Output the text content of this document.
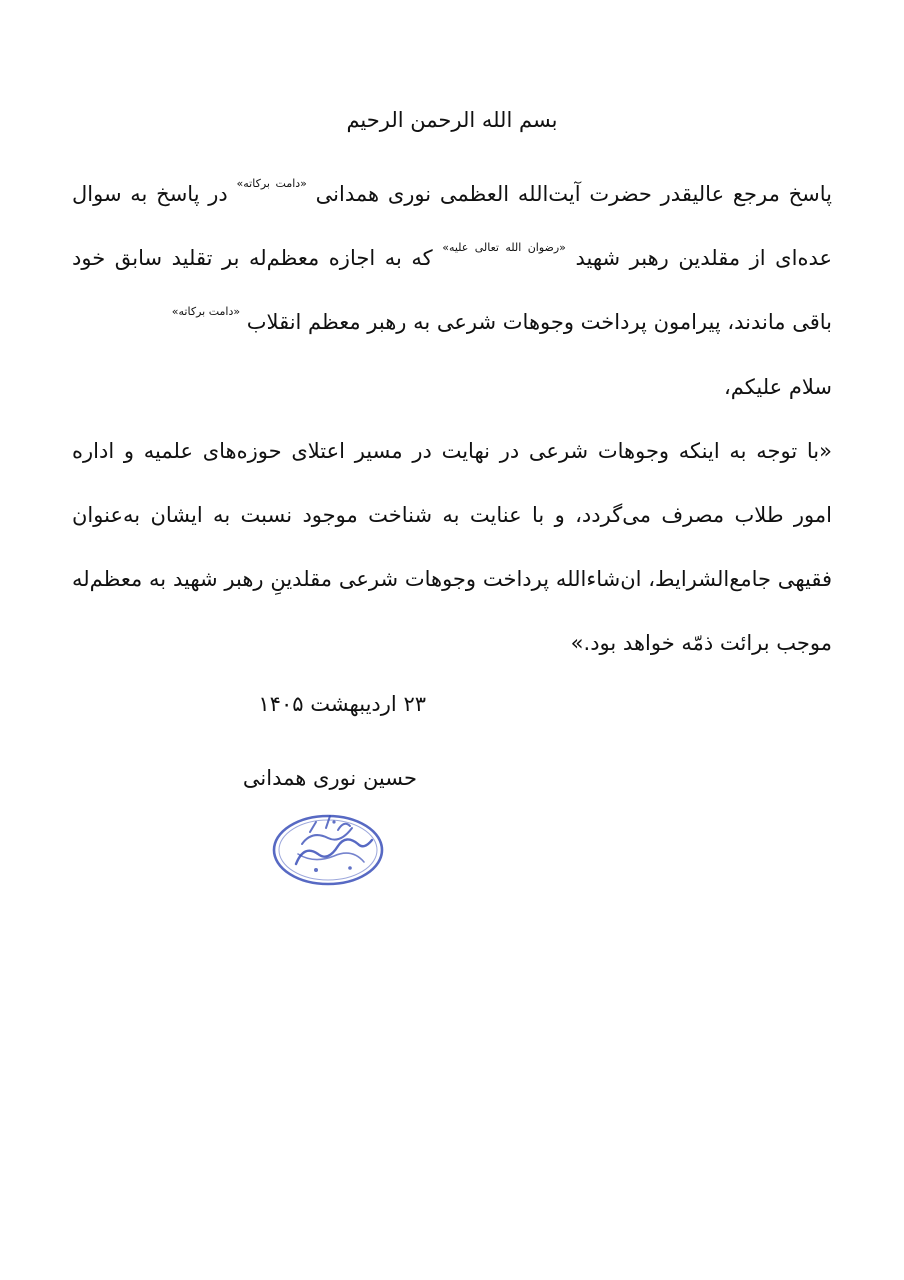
بسم الله الرحمن الرحیم
پاسخ مرجع عالیقدر حضرت آیت‌الله العظمی نوری همدانی $^{«دامت برکاته»}$ در پاسخ به سوال عده‌ای از مقلدین رهبر شهید $^{«رضوان الله تعالی علیه»}$ که به اجازه معظم‌له بر تقلید سابق خود باقی ماندند، پیرامون پرداخت وجوهات شرعی به رهبر معظم انقلاب $^{«دامت برکاته»}$
سلام علیکم،
«با توجه به اینکه وجوهات شرعی در نهایت در مسیر اعتلای حوزه‌های علمیه و اداره امور طلاب مصرف می‌گردد، و با عنایت به شناخت موجود نسبت به ایشان به‌عنوان فقیهی جامع‌الشرایط، ان‌شاءالله پرداخت وجوهات شرعی مقلدینِ رهبر شهید به معظم‌له موجب برائت ذمّه خواهد بود.»
۲۳ اردیبهشت ۱۴۰۵
حسین نوری همدانی
